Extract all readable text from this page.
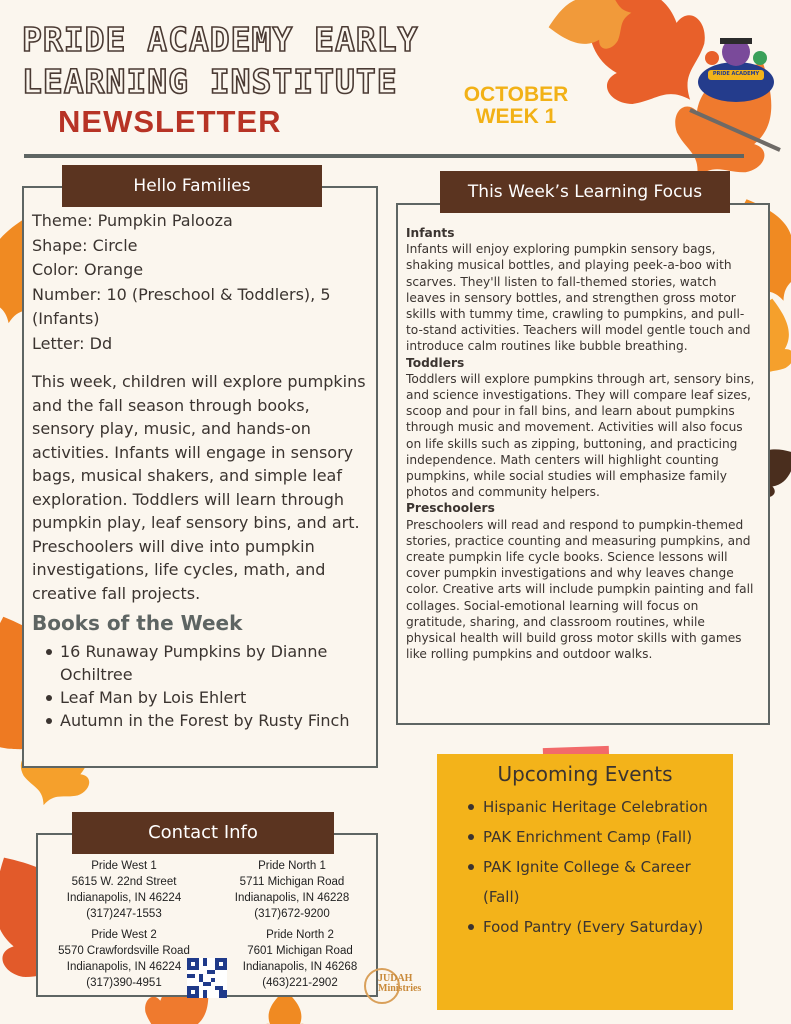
PRIDE ACADEMY
PRIDE ACADEMY EARLY
LEARNING INSTITUTE
NEWSLETTER
OCTOBER
WEEK 1
Hello Families
Theme: Pumpkin Palooza
Shape: Circle
Color: Orange
Number: 10 (Preschool & Toddlers), 5 (Infants)
Letter: Dd
This week, children will explore pumpkins and the fall season through books, sensory play, music, and hands-on activities. Infants will engage in sensory bags, musical shakers, and simple leaf exploration. Toddlers will learn through pumpkin play, leaf sensory bins, and art. Preschoolers will dive into pumpkin investigations, life cycles, math, and creative fall projects.
Books of the Week
16 Runaway Pumpkins by Dianne Ochiltree
Leaf Man by Lois Ehlert
Autumn in the Forest by Rusty Finch
This Week’s Learning Focus
Infants
Infants will enjoy exploring pumpkin sensory bags, shaking musical bottles, and playing peek-a-boo with scarves. They'll listen to fall-themed stories, watch leaves in sensory bottles, and strengthen gross motor skills with tummy time, crawling to pumpkins, and pull-to-stand activities. Teachers will model gentle touch and introduce calm routines like bubble breathing.
Toddlers
Toddlers will explore pumpkins through art, sensory bins, and science investigations. They will compare leaf sizes, scoop and pour in fall bins, and learn about pumpkins through music and movement. Activities will also focus on life skills such as zipping, buttoning, and practicing independence. Math centers will highlight counting pumpkins, while social studies will emphasize family photos and community helpers.
Preschoolers
Preschoolers will read and respond to pumpkin-themed stories, practice counting and measuring pumpkins, and create pumpkin life cycle books. Science lessons will cover pumpkin investigations and why leaves change color. Creative arts will include pumpkin painting and fall collages. Social-emotional learning will focus on gratitude, sharing, and classroom routines, while physical health will build gross motor skills with games like rolling pumpkins and outdoor walks.
Upcoming Events
Hispanic Heritage Celebration
PAK Enrichment Camp (Fall)
PAK Ignite College & Career (Fall)
Food Pantry (Every Saturday)
Contact Info
Pride West 1
5615 W. 22nd Street
Indianapolis, IN 46224
(317)247-1553
Pride North 1
5711 Michigan Road
Indianapolis, IN 46228
(317)672-9200
Pride West 2
5570 Crawfordsville Road
Indianapolis, IN 46224
(317)390-4951
Pride North 2
7601 Michigan Road
Indianapolis, IN 46268
(463)221-2902	JUDAH Ministries
